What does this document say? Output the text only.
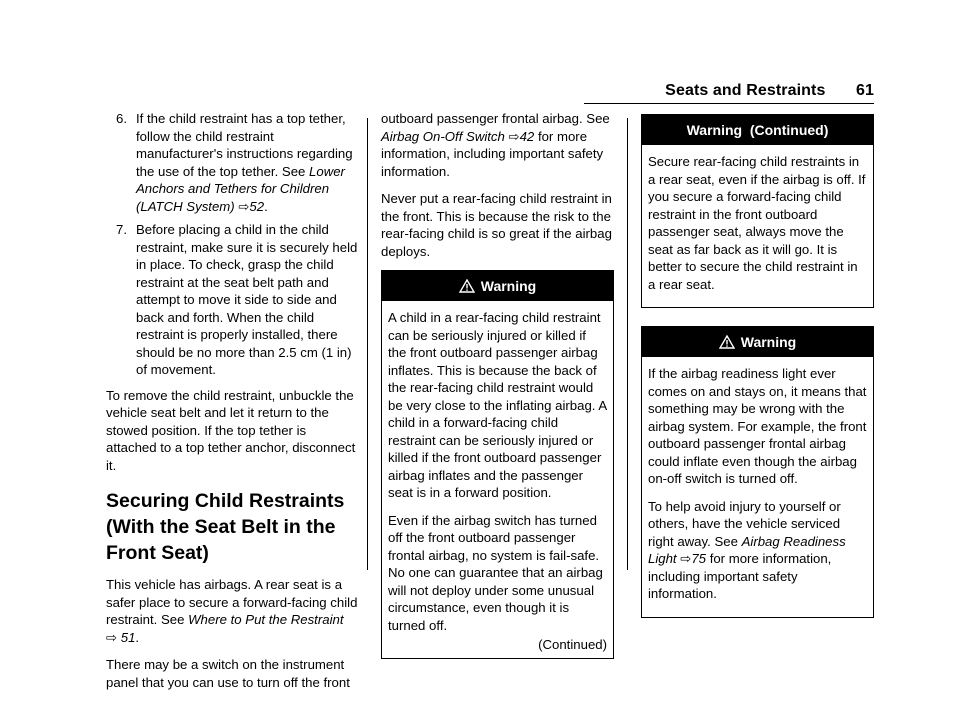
Seats and Restraints 61
6. If the child restraint has a top tether, follow the child restraint manufacturer's instructions regarding the use of the top tether. See Lower Anchors and Tethers for Children (LATCH System) ⇨52.
7. Before placing a child in the child restraint, make sure it is securely held in place. To check, grasp the child restraint at the seat belt path and attempt to move it side to side and back and forth. When the child restraint is properly installed, there should be no more than 2.5 cm (1 in) of movement.

To remove the child restraint, unbuckle the vehicle seat belt and let it return to the stowed position. If the top tether is attached to a top tether anchor, disconnect it.

Securing Child Restraints (With the Seat Belt in the Front Seat)

This vehicle has airbags. A rear seat is a safer place to secure a forward-facing child restraint. See Where to Put the Restraint ⇨ 51.

There may be a switch on the instrument panel that you can use to turn off the front

outboard passenger frontal airbag. See Airbag On-Off Switch ⇨42 for more information, including important safety information.

Never put a rear-facing child restraint in the front. This is because the risk to the rear-facing child is so great if the airbag deploys.

Warning

A child in a rear-facing child restraint can be seriously injured or killed if the front outboard passenger airbag inflates. This is because the back of the rear-facing child restraint would be very close to the inflating airbag. A child in a forward-facing child restraint can be seriously injured or killed if the front outboard passenger airbag inflates and the passenger seat is in a forward position.

Even if the airbag switch has turned off the front outboard passenger frontal airbag, no system is fail-safe. No one can guarantee that an airbag will not deploy under some unusual circumstance, even though it is turned off.

(Continued)
Warning  (Continued)

Secure rear-facing child restraints in a rear seat, even if the airbag is off. If you secure a forward-facing child restraint in the front outboard passenger seat, always move the seat as far back as it will go. It is better to secure the child restraint in a rear seat.

Warning

If the airbag readiness light ever comes on and stays on, it means that something may be wrong with the airbag system. For example, the front outboard passenger frontal airbag could inflate even though the airbag on-off switch is turned off.

To help avoid injury to yourself or others, have the vehicle serviced right away. See Airbag Readiness Light ⇨75 for more information, including important safety information.
